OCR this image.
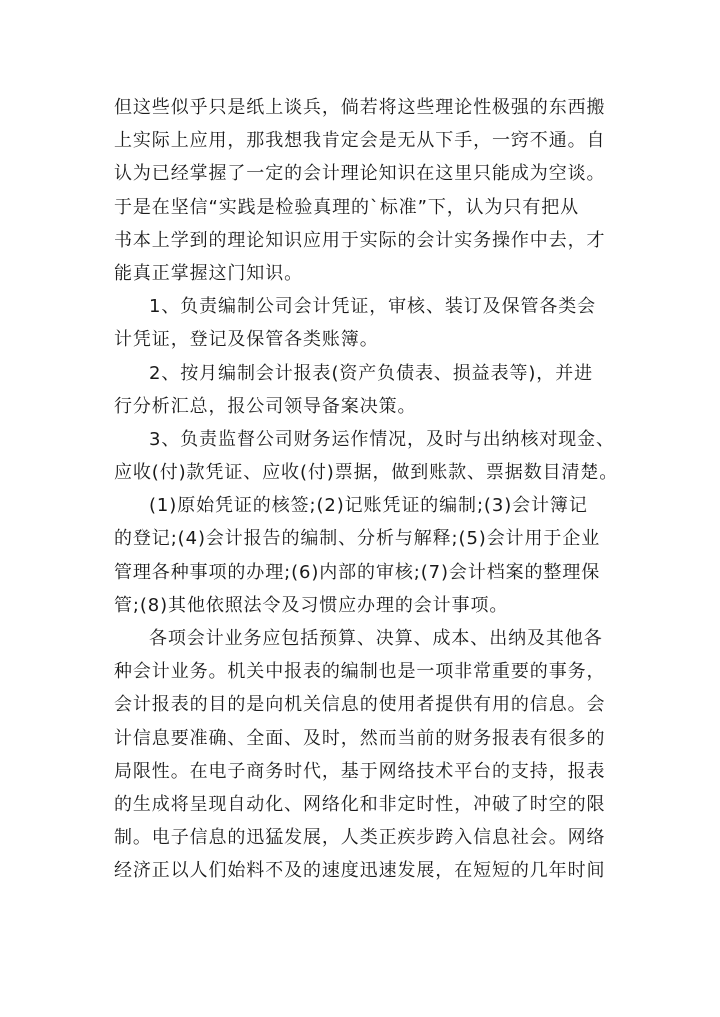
但这些似乎只是纸上谈兵，倘若将这些理论性极强的东西搬
上实际上应用，那我想我肯定会是无从下手，一窍不通。自
认为已经掌握了一定的会计理论知识在这里只能成为空谈。
于是在坚信“实践是检验真理的`标准”下，认为只有把从
书本上学到的理论知识应用于实际的会计实务操作中去，才
能真正掌握这门知识。
1、负责编制公司会计凭证，审核、装订及保管各类会
计凭证，登记及保管各类账簿。
2、按月编制会计报表(资产负债表、损益表等)，并进
行分析汇总，报公司领导备案决策。
3、负责监督公司财务运作情况，及时与出纳核对现金、
应收(付)款凭证、应收(付)票据，做到账款、票据数目清楚。
(1)原始凭证的核签;(2)记账凭证的编制;(3)会计簿记
的登记;(4)会计报告的编制、分析与解释;(5)会计用于企业
管理各种事项的办理;(6)内部的审核;(7)会计档案的整理保
管;(8)其他依照法令及习惯应办理的会计事项。
各项会计业务应包括预算、决算、成本、出纳及其他各
种会计业务。机关中报表的编制也是一项非常重要的事务，
会计报表的目的是向机关信息的使用者提供有用的信息。会
计信息要准确、全面、及时，然而当前的财务报表有很多的
局限性。在电子商务时代，基于网络技术平台的支持，报表
的生成将呈现自动化、网络化和非定时性，冲破了时空的限
制。电子信息的迅猛发展，人类正疾步跨入信息社会。网络
经济正以人们始料不及的速度迅速发展，在短短的几年时间
